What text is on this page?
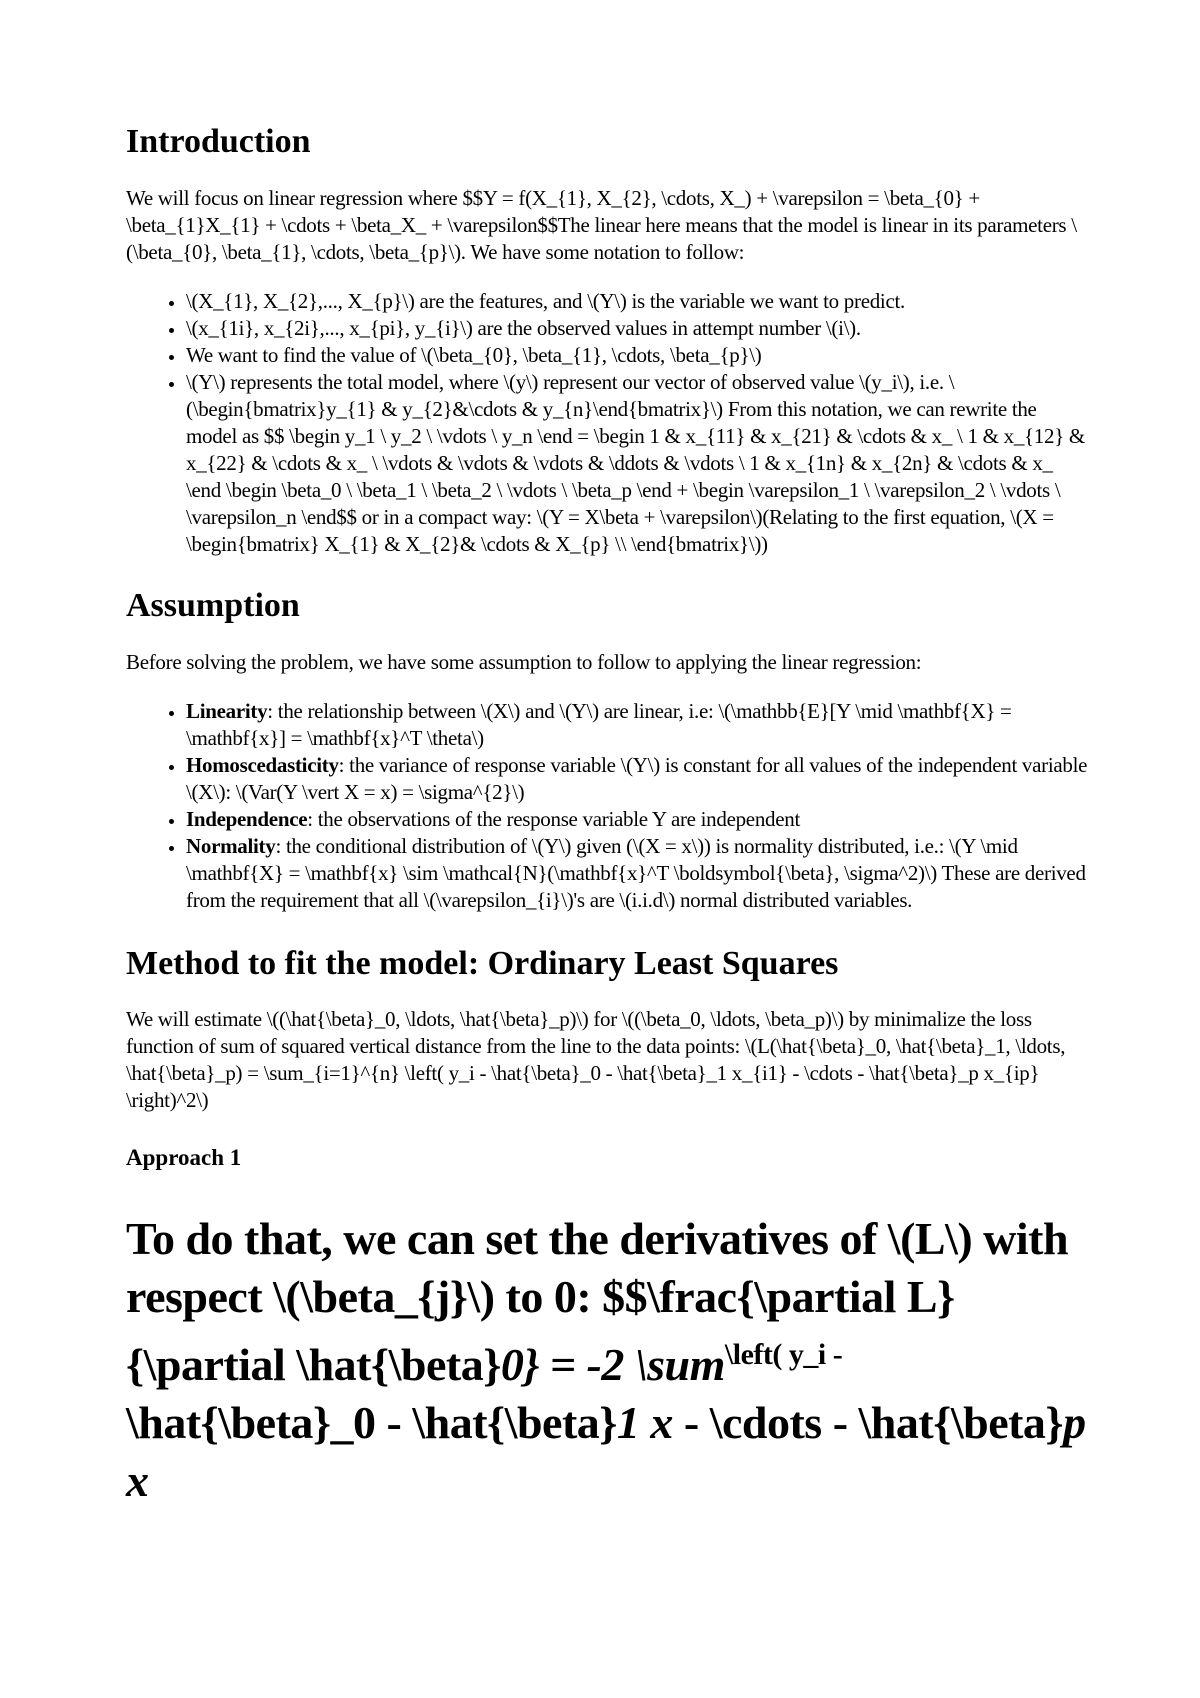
Introduction

We will focus on linear regression where $$Y = f(X_{1}, X_{2}, \cdots, X_) + \varepsilon = \beta_{0} + \beta_{1}X_{1} + \cdots + \beta_X_ + \varepsilon$$The linear here means that the model is linear in its parameters \(\beta_{0}, \beta_{1}, \cdots, \beta_{p}\). We have some notation to follow:

• \(X_{1}, X_{2},..., X_{p}\) are the features, and \(Y\) is the variable we want to predict.
• \(x_{1i}, x_{2i},..., x_{pi}, y_{i}\) are the observed values in attempt number \(i\).
• We want to find the value of \(\beta_{0}, \beta_{1}, \cdots, \beta_{p}\)
• \(Y\) represents the total model, where \(y\) represent our vector of observed value \(y_i\), i.e. \(\begin{bmatrix}y_{1} & y_{2}&\cdots & y_{n}\end{bmatrix}\) From this notation, we can rewrite the model as $$ \begin y_1 \ y_2 \ \vdots \ y_n \end = \begin 1 & x_{11} & x_{21} & \cdots & x_ \ 1 & x_{12} & x_{22} & \cdots & x_ \ \vdots & \vdots & \vdots & \ddots & \vdots \ 1 & x_{1n} & x_{2n} & \cdots & x_ \end \begin \beta_0 \ \beta_1 \ \beta_2 \ \vdots \ \beta_p \end + \begin \varepsilon_1 \ \varepsilon_2 \ \vdots \ \varepsilon_n \end$$ or in a compact way: \(Y = X\beta + \varepsilon\)(Relating to the first equation, \(X = \begin{bmatrix} X_{1} & X_{2}& \cdots & X_{p} \\ \end{bmatrix}\))
Assumption

Before solving the problem, we have some assumption to follow to applying the linear regression:

• Linearity: the relationship between \(X\) and \(Y\) are linear, i.e: \(\mathbb{E}[Y \mid \mathbf{X} = \mathbf{x}] = \mathbf{x}^T \theta\)
• Homoscedasticity: the variance of response variable \(Y\) is constant for all values of the independent variable \(X\): \(Var(Y \vert X = x) = \sigma^{2}\)
• Independence: the observations of the response variable Y are independent
• Normality: the conditional distribution of \(Y\) given (\(X = x\)) is normality distributed, i.e.: \(Y \mid \mathbf{X} = \mathbf{x} \sim \mathcal{N}(\mathbf{x}^T \boldsymbol{\beta}, \sigma^2)\) These are derived from the requirement that all \(\varepsilon_{i}\)'s are \(i.i.d\) normal distributed variables.
Method to fit the model: Ordinary Least Squares

We will estimate \((\hat{\beta}_0, \ldots, \hat{\beta}_p)\) for \((\beta_0, \ldots, \beta_p)\) by minimalize the loss function of sum of squared vertical distance from the line to the data points: \(L(\hat{\beta}_0, \hat{\beta}_1, \ldots, \hat{\beta}_p) = \sum_{i=1}^{n} \left( y_i - \hat{\beta}_0 - \hat{\beta}_1 x_{i1} - \cdots - \hat{\beta}_p x_{ip} \right)^2\)

Approach 1
To do that, we can set the derivatives of \(L\) with respect \(\beta_{j}\) to 0: $$\frac{\partial L}{\partial \hat{\beta}0} = -2 \sum$^{\backslash left( y\_i -}$
\hat{\beta}_0 - \hat{\beta}1 x - \cdots - \hat{\beta}p x
